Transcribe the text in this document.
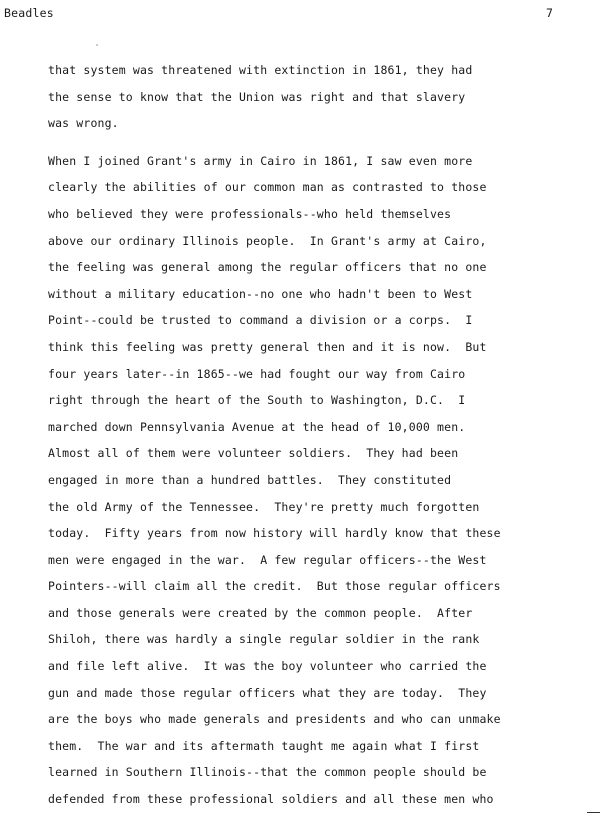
Beadles	7
that system was threatened with extinction in 1861, they had
the sense to know that the Union was right and that slavery
was wrong.
When I joined Grant's army in Cairo in 1861, I saw even more
clearly the abilities of our common man as contrasted to those
who believed they were professionals--who held themselves
above our ordinary Illinois people.  In Grant's army at Cairo,
the feeling was general among the regular officers that no one
without a military education--no one who hadn't been to West
Point--could be trusted to command a division or a corps.  I
think this feeling was pretty general then and it is now.  But
four years later--in 1865--we had fought our way from Cairo
right through the heart of the South to Washington, D.C.  I
marched down Pennsylvania Avenue at the head of 10,000 men.
Almost all of them were volunteer soldiers.  They had been
engaged in more than a hundred battles.  They constituted
the old Army of the Tennessee.  They're pretty much forgotten
today.  Fifty years from now history will hardly know that these
men were engaged in the war.  A few regular officers--the West
Pointers--will claim all the credit.  But those regular officers
and those generals were created by the common people.  After
Shiloh, there was hardly a single regular soldier in the rank
and file left alive.  It was the boy volunteer who carried the
gun and made those regular officers what they are today.  They
are the boys who made generals and presidents and who can unmake
them.  The war and its aftermath taught me again what I first
learned in Southern Illinois--that the common people should be
defended from these professional soldiers and all these men who
